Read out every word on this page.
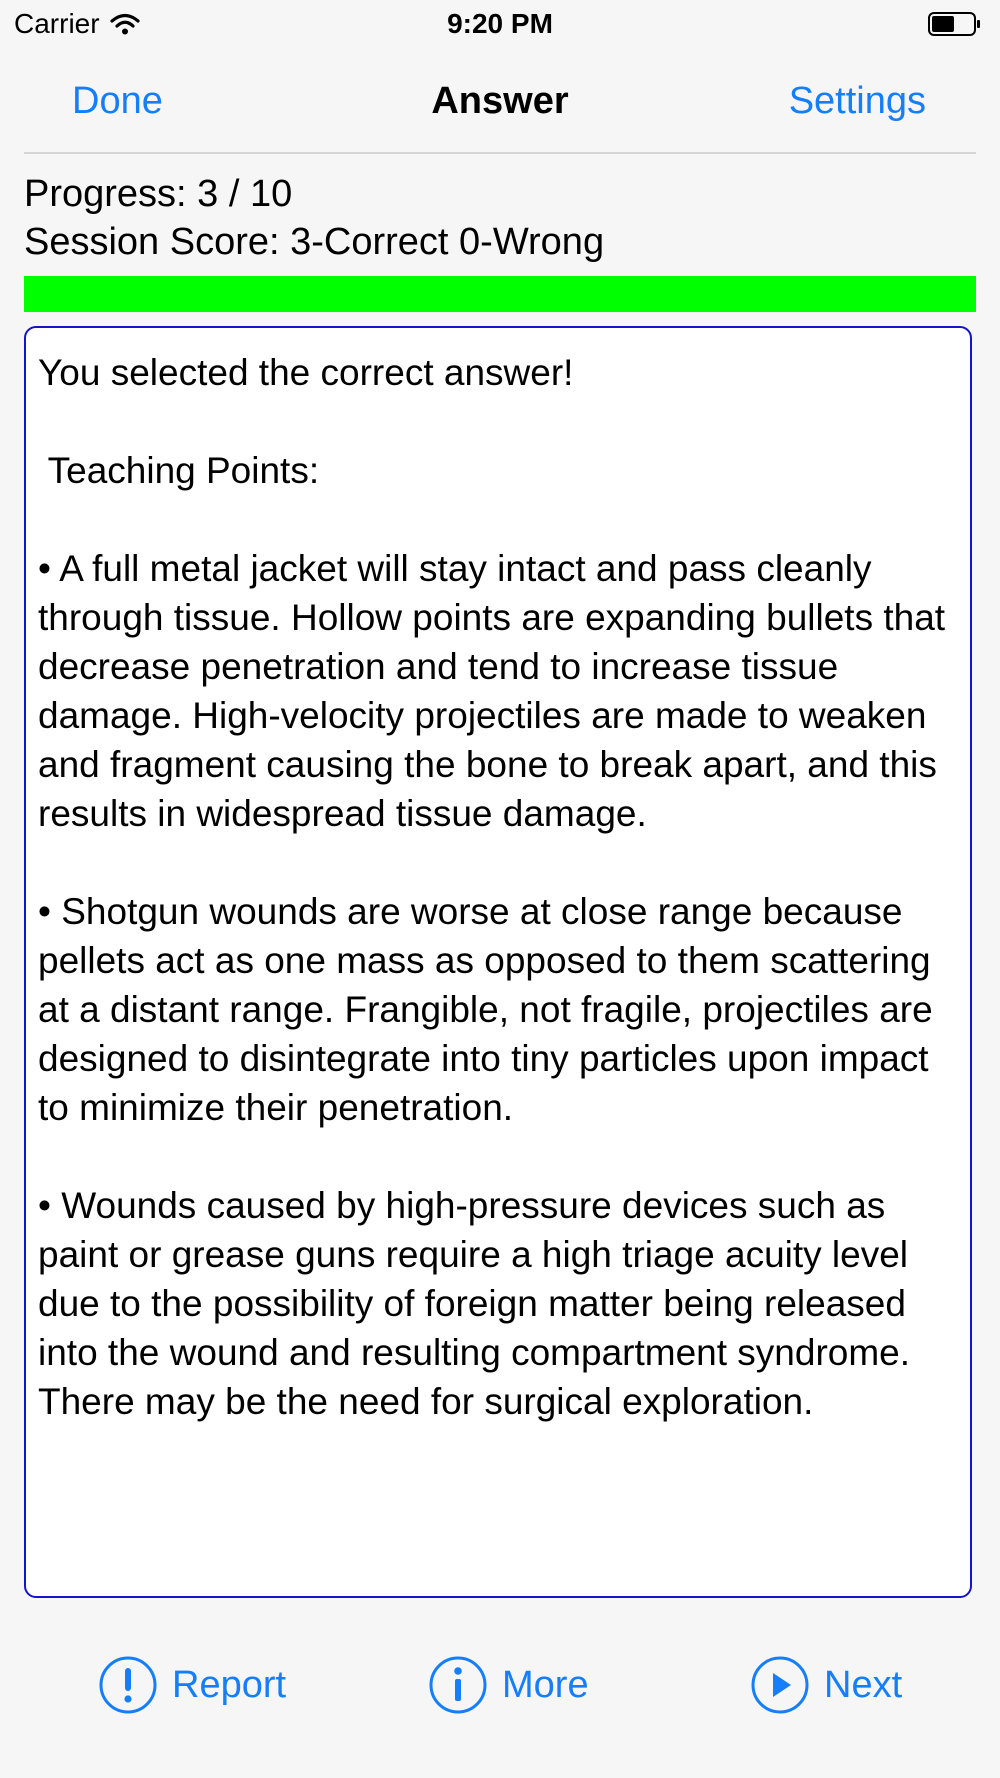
Carrier	9:20 PM
Done	Answer	Settings
Progress: 3 / 10
Session Score: 3-Correct 0-Wrong

You selected the correct answer!

Teaching Points:

• A full metal jacket will stay intact and pass cleanly through tissue. Hollow points are expanding bullets that decrease penetration and tend to increase tissue damage. High-velocity projectiles are made to weaken and fragment causing the bone to break apart, and this results in widespread tissue damage.

• Shotgun wounds are worse at close range because pellets act as one mass as opposed to them scattering at a distant range. Frangible, not fragile, projectiles are designed to disintegrate into tiny particles upon impact to minimize their penetration.

• Wounds caused by high-pressure devices such as paint or grease guns require a high triage acuity level due to the possibility of foreign matter being released into the wound and resulting compartment syndrome. There may be the need for surgical exploration.

Report	More	Next
